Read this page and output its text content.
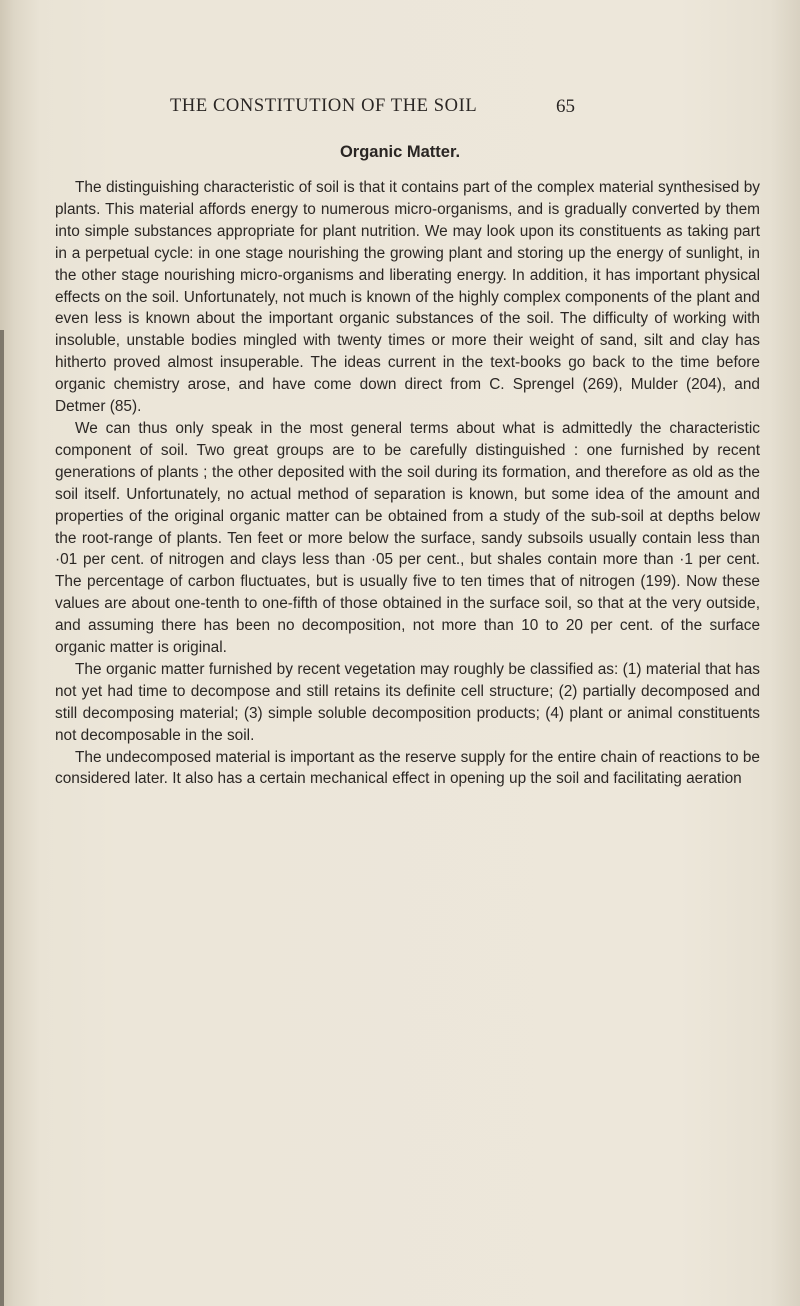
THE CONSTITUTION OF THE SOIL	65
Organic Matter.

The distinguishing characteristic of soil is that it contains part of the complex material synthesised by plants. This material affords energy to numerous micro-organisms, and is gradually converted by them into simple substances appropriate for plant nutrition. We may look upon its constituents as taking part in a perpetual cycle: in one stage nourishing the growing plant and storing up the energy of sunlight, in the other stage nourishing micro-organisms and liberating energy. In addition, it has important physical effects on the soil. Unfortunately, not much is known of the highly complex components of the plant and even less is known about the important organic substances of the soil. The difficulty of working with insoluble, unstable bodies mingled with twenty times or more their weight of sand, silt and clay has hitherto proved almost insuperable. The ideas current in the text-books go back to the time before organic chemistry arose, and have come down direct from C. Sprengel (269), Mulder (204), and Detmer (85).

We can thus only speak in the most general terms about what is admittedly the characteristic component of soil. Two great groups are to be carefully distinguished : one furnished by recent generations of plants ; the other deposited with the soil during its formation, and therefore as old as the soil itself. Unfortunately, no actual method of separation is known, but some idea of the amount and properties of the original organic matter can be obtained from a study of the sub-soil at depths below the root-range of plants. Ten feet or more below the surface, sandy subsoils usually contain less than ·01 per cent. of nitrogen and clays less than ·05 per cent., but shales contain more than ·1 per cent. The percentage of carbon fluctuates, but is usually five to ten times that of nitrogen (199). Now these values are about one-tenth to one-fifth of those obtained in the surface soil, so that at the very outside, and assuming there has been no decomposition, not more than 10 to 20 per cent. of the surface organic matter is original.

The organic matter furnished by recent vegetation may roughly be classified as: (1) material that has not yet had time to decompose and still retains its definite cell structure; (2) partially decomposed and still decomposing material; (3) simple soluble decomposition products; (4) plant or animal constituents not decomposable in the soil.

The undecomposed material is important as the reserve supply for the entire chain of reactions to be considered later. It also has a certain mechanical effect in opening up the soil and facilitating aeration
